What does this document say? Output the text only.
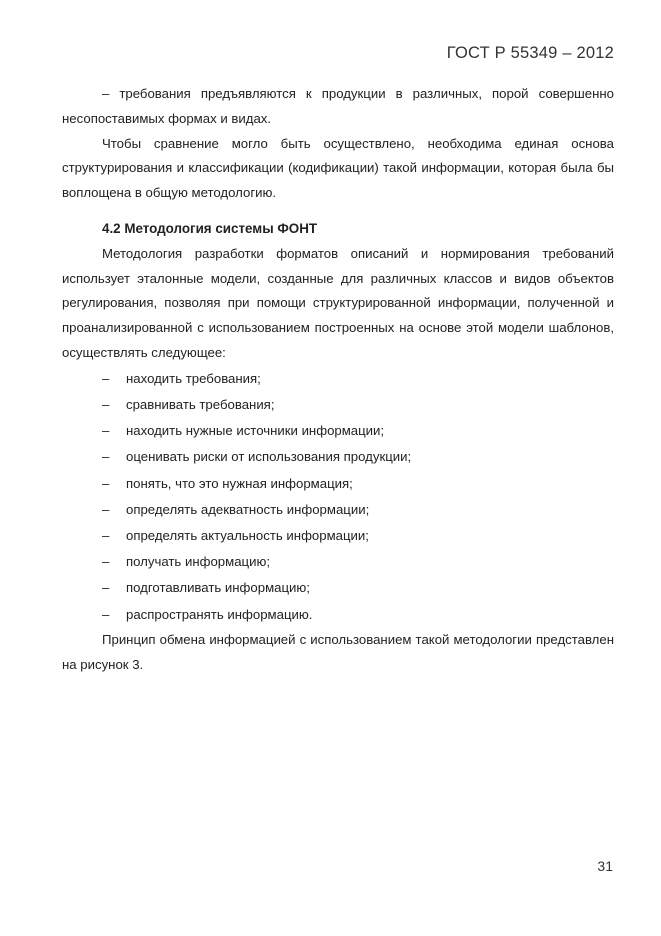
ГОСТ Р 55349 – 2012

– требования предъявляются к продукции в различных, порой совершенно несопоставимых формах и видах.

Чтобы сравнение могло быть осуществлено, необходима единая основа структурирования и классификации (кодификации) такой информации, которая была бы воплощена в общую методологию.

4.2 Методология системы ФОНТ

Методология разработки форматов описаний и нормирования требований использует эталонные модели, созданные для различных классов и видов объектов регулирования, позволяя при помощи структурированной информации, полученной и проанализированной с использованием построенных на основе этой модели шаблонов, осуществлять следующее:

– находить требования;
– сравнивать требования;
– находить нужные источники информации;
– оценивать риски от использования продукции;
– понять, что это нужная информация;
– определять адекватность информации;
– определять актуальность информации;
– получать информацию;
– подготавливать информацию;
– распространять информацию.

Принцип обмена информацией с использованием такой методологии представлен на рисунок 3.

31
